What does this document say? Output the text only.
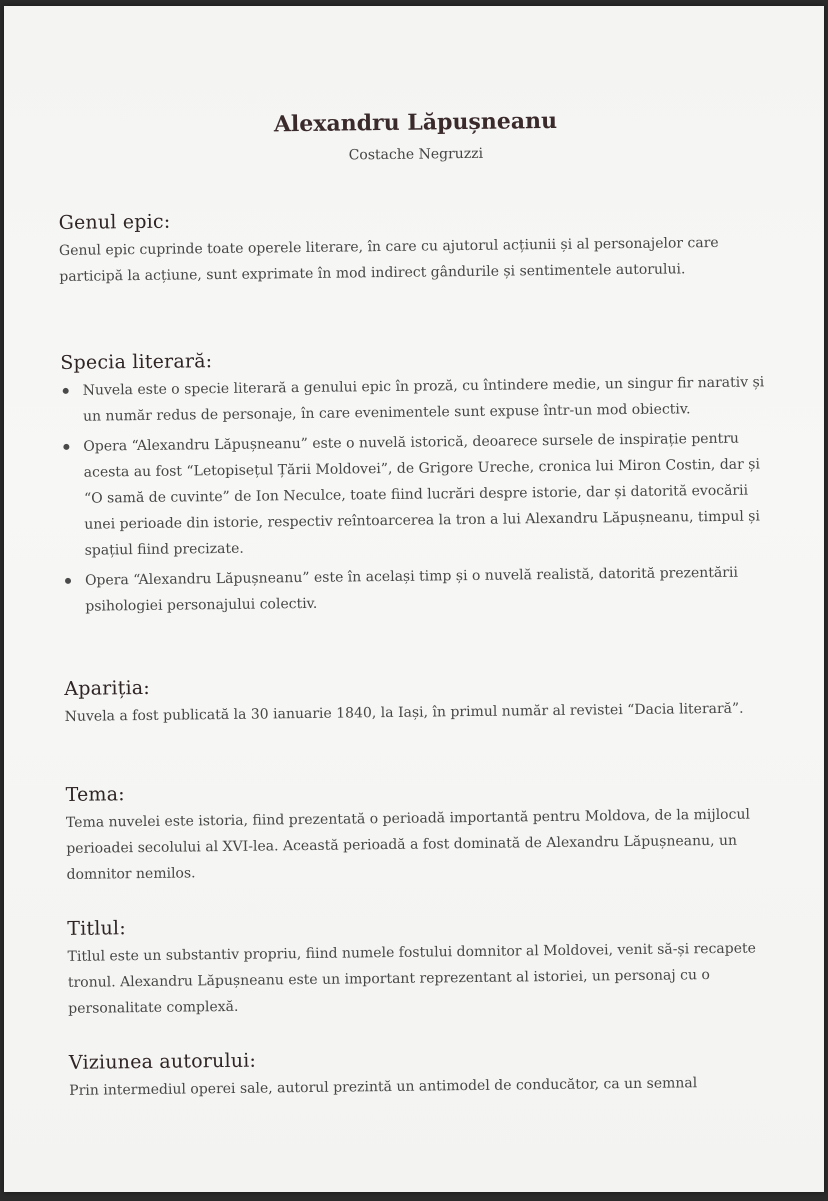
Alexandru Lăpușneanu

Costache Negruzzi

Genul epic:

Genul epic cuprinde toate operele literare, în care cu ajutorul acțiunii și al personajelor care participă la acțiune, sunt exprimate în mod indirect gândurile și sentimentele autorului.

Specia literară:
Nuvela este o specie literară a genului epic în proză, cu întindere medie, un singur fir narativ și un număr redus de personaje, în care evenimentele sunt expuse într-un mod obiectiv.
Opera “Alexandru Lăpușneanu” este o nuvelă istorică, deoarece sursele de inspirație pentru acesta au fost “Letopisețul Țării Moldovei”, de Grigore Ureche, cronica lui Miron Costin, dar și “O samă de cuvinte” de Ion Neculce, toate fiind lucrări despre istorie, dar și datorită evocării unei perioade din istorie, respectiv reîntoarcerea la tron a lui Alexandru Lăpușneanu, timpul și spațiul fiind precizate.
Opera “Alexandru Lăpușneanu” este în același timp și o nuvelă realistă, datorită prezentării psihologiei personajului colectiv.
Apariția:

Nuvela a fost publicată la 30 ianuarie 1840, la Iași, în primul număr al revistei “Dacia literară”.

Tema:

Tema nuvelei este istoria, fiind prezentată o perioadă importantă pentru Moldova, de la mijlocul perioadei secolului al XVI-lea. Această perioadă a fost dominată de Alexandru Lăpușneanu, un domnitor nemilos.

Titlul:

Titlul este un substantiv propriu, fiind numele fostului domnitor al Moldovei, venit să-și recapete tronul. Alexandru Lăpușneanu este un important reprezentant al istoriei, un personaj cu o personalitate complexă.

Viziunea autorului:

Prin intermediul operei sale, autorul prezintă un antimodel de conducător, ca un semnal
